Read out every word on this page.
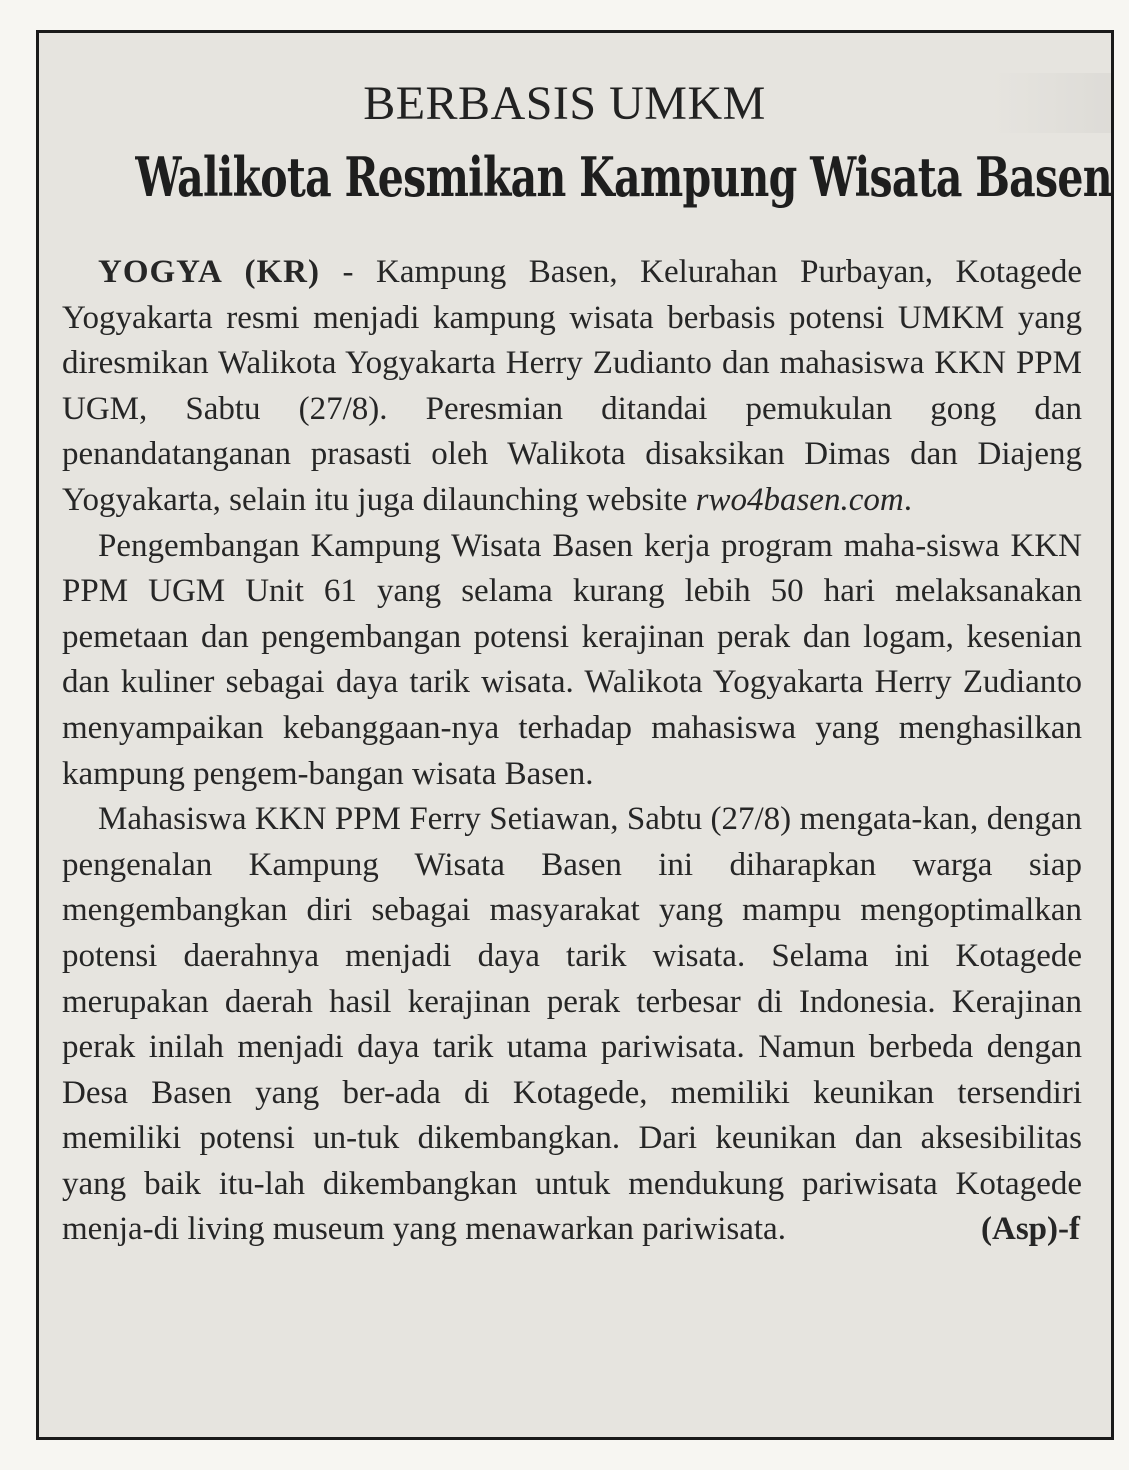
BERBASIS UMKM
Walikota Resmikan Kampung Wisata Basen

YOGYA (KR) - Kampung Basen, Kelurahan Purbayan, Kotagede Yogyakarta resmi menjadi kampung wisata berbasis potensi UMKM yang diresmikan Walikota Yogyakarta Herry Zudianto dan mahasiswa KKN PPM UGM, Sabtu (27/8). Peresmian ditandai pemukulan gong dan penandatanganan prasasti oleh Walikota disaksikan Dimas dan Diajeng Yogyakarta, selain itu juga dilaunching website rwo4basen.com.

Pengembangan Kampung Wisata Basen kerja program maha-siswa KKN PPM UGM Unit 61 yang selama kurang lebih 50 hari melaksanakan pemetaan dan pengembangan potensi kerajinan perak dan logam, kesenian dan kuliner sebagai daya tarik wisata. Walikota Yogyakarta Herry Zudianto menyampaikan kebanggaan-nya terhadap mahasiswa yang menghasilkan kampung pengem-bangan wisata Basen.

Mahasiswa KKN PPM Ferry Setiawan, Sabtu (27/8) mengata-kan, dengan pengenalan Kampung Wisata Basen ini diharapkan warga siap mengembangkan diri sebagai masyarakat yang mampu mengoptimalkan potensi daerahnya menjadi daya tarik wisata. Selama ini Kotagede merupakan daerah hasil kerajinan perak terbesar di Indonesia. Kerajinan perak inilah menjadi daya tarik utama pariwisata. Namun berbeda dengan Desa Basen yang ber-ada di Kotagede, memiliki keunikan tersendiri memiliki potensi un-tuk dikembangkan. Dari keunikan dan aksesibilitas yang baik itu-lah dikembangkan untuk mendukung pariwisata Kotagede menja-di living museum yang menawarkan pariwisata.	(Asp)-f
